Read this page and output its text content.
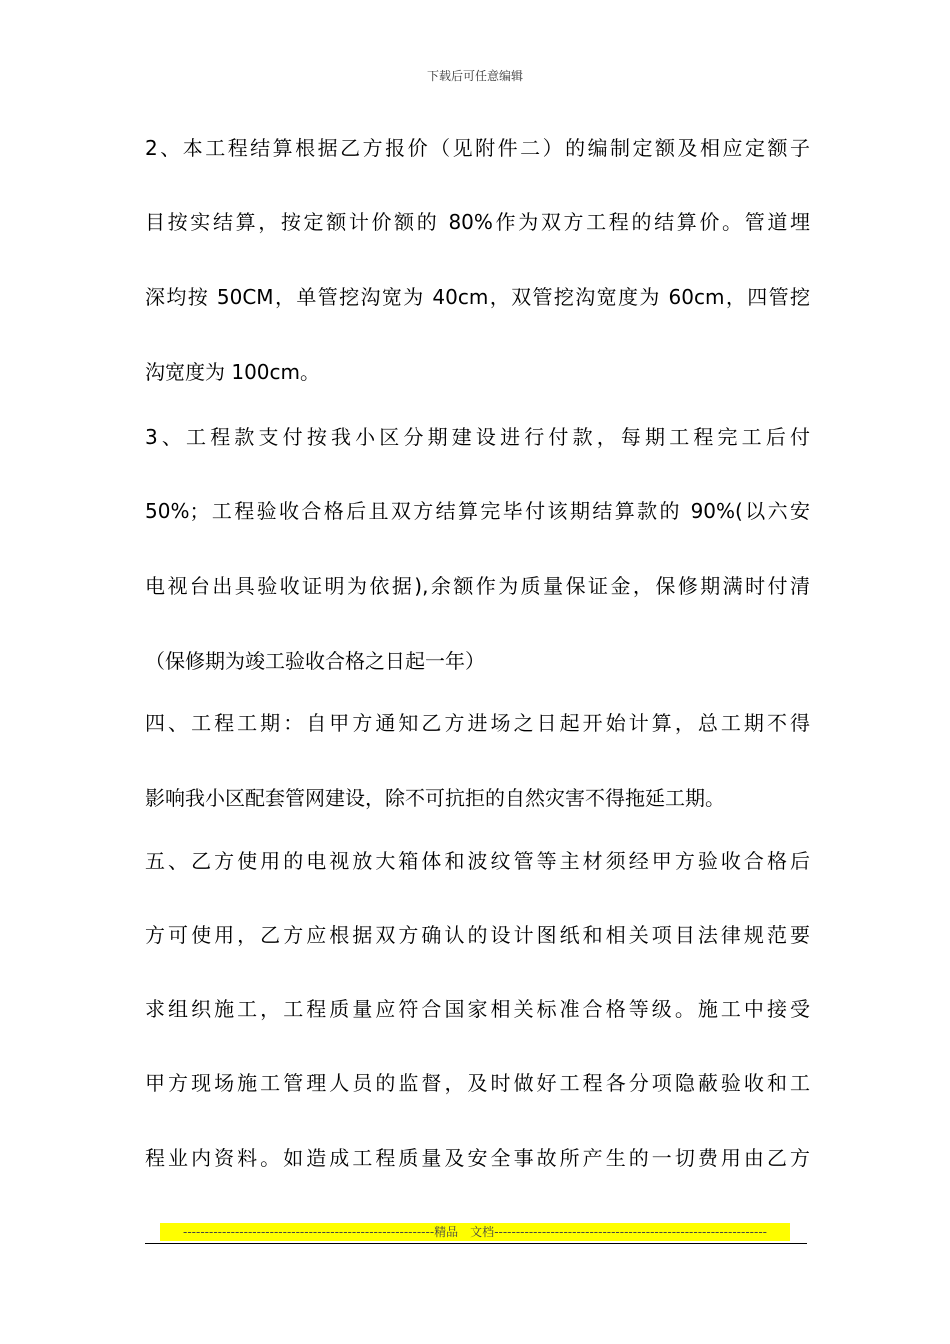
下载后可任意编辑
2、本工程结算根据乙方报价（见附件二）的编制定额及相应定额子
目按实结算，按定额计价额的 80%作为双方工程的结算价。管道埋
深均按 50CM，单管挖沟宽为 40cm，双管挖沟宽度为 60cm，四管挖
沟宽度为 100cm。
3、工程款支付按我小区分期建设进行付款，每期工程完工后付
50%；工程验收合格后且双方结算完毕付该期结算款的 90%(以六安
电视台出具验收证明为依据),余额作为质量保证金，保修期满时付清
（保修期为竣工验收合格之日起一年）
四、工程工期：自甲方通知乙方进场之日起开始计算，总工期不得
影响我小区配套管网建设，除不可抗拒的自然灾害不得拖延工期。
五、乙方使用的电视放大箱体和波纹管等主材须经甲方验收合格后
方可使用，乙方应根据双方确认的设计图纸和相关项目法律规范要
求组织施工，工程质量应符合国家相关标准合格等级。施工中接受
甲方现场施工管理人员的监督，及时做好工程各分项隐蔽验收和工
程业内资料。如造成工程质量及安全事故所产生的一切费用由乙方
----------------------------------------------------------精品　文档---------------------------------------------------------------
